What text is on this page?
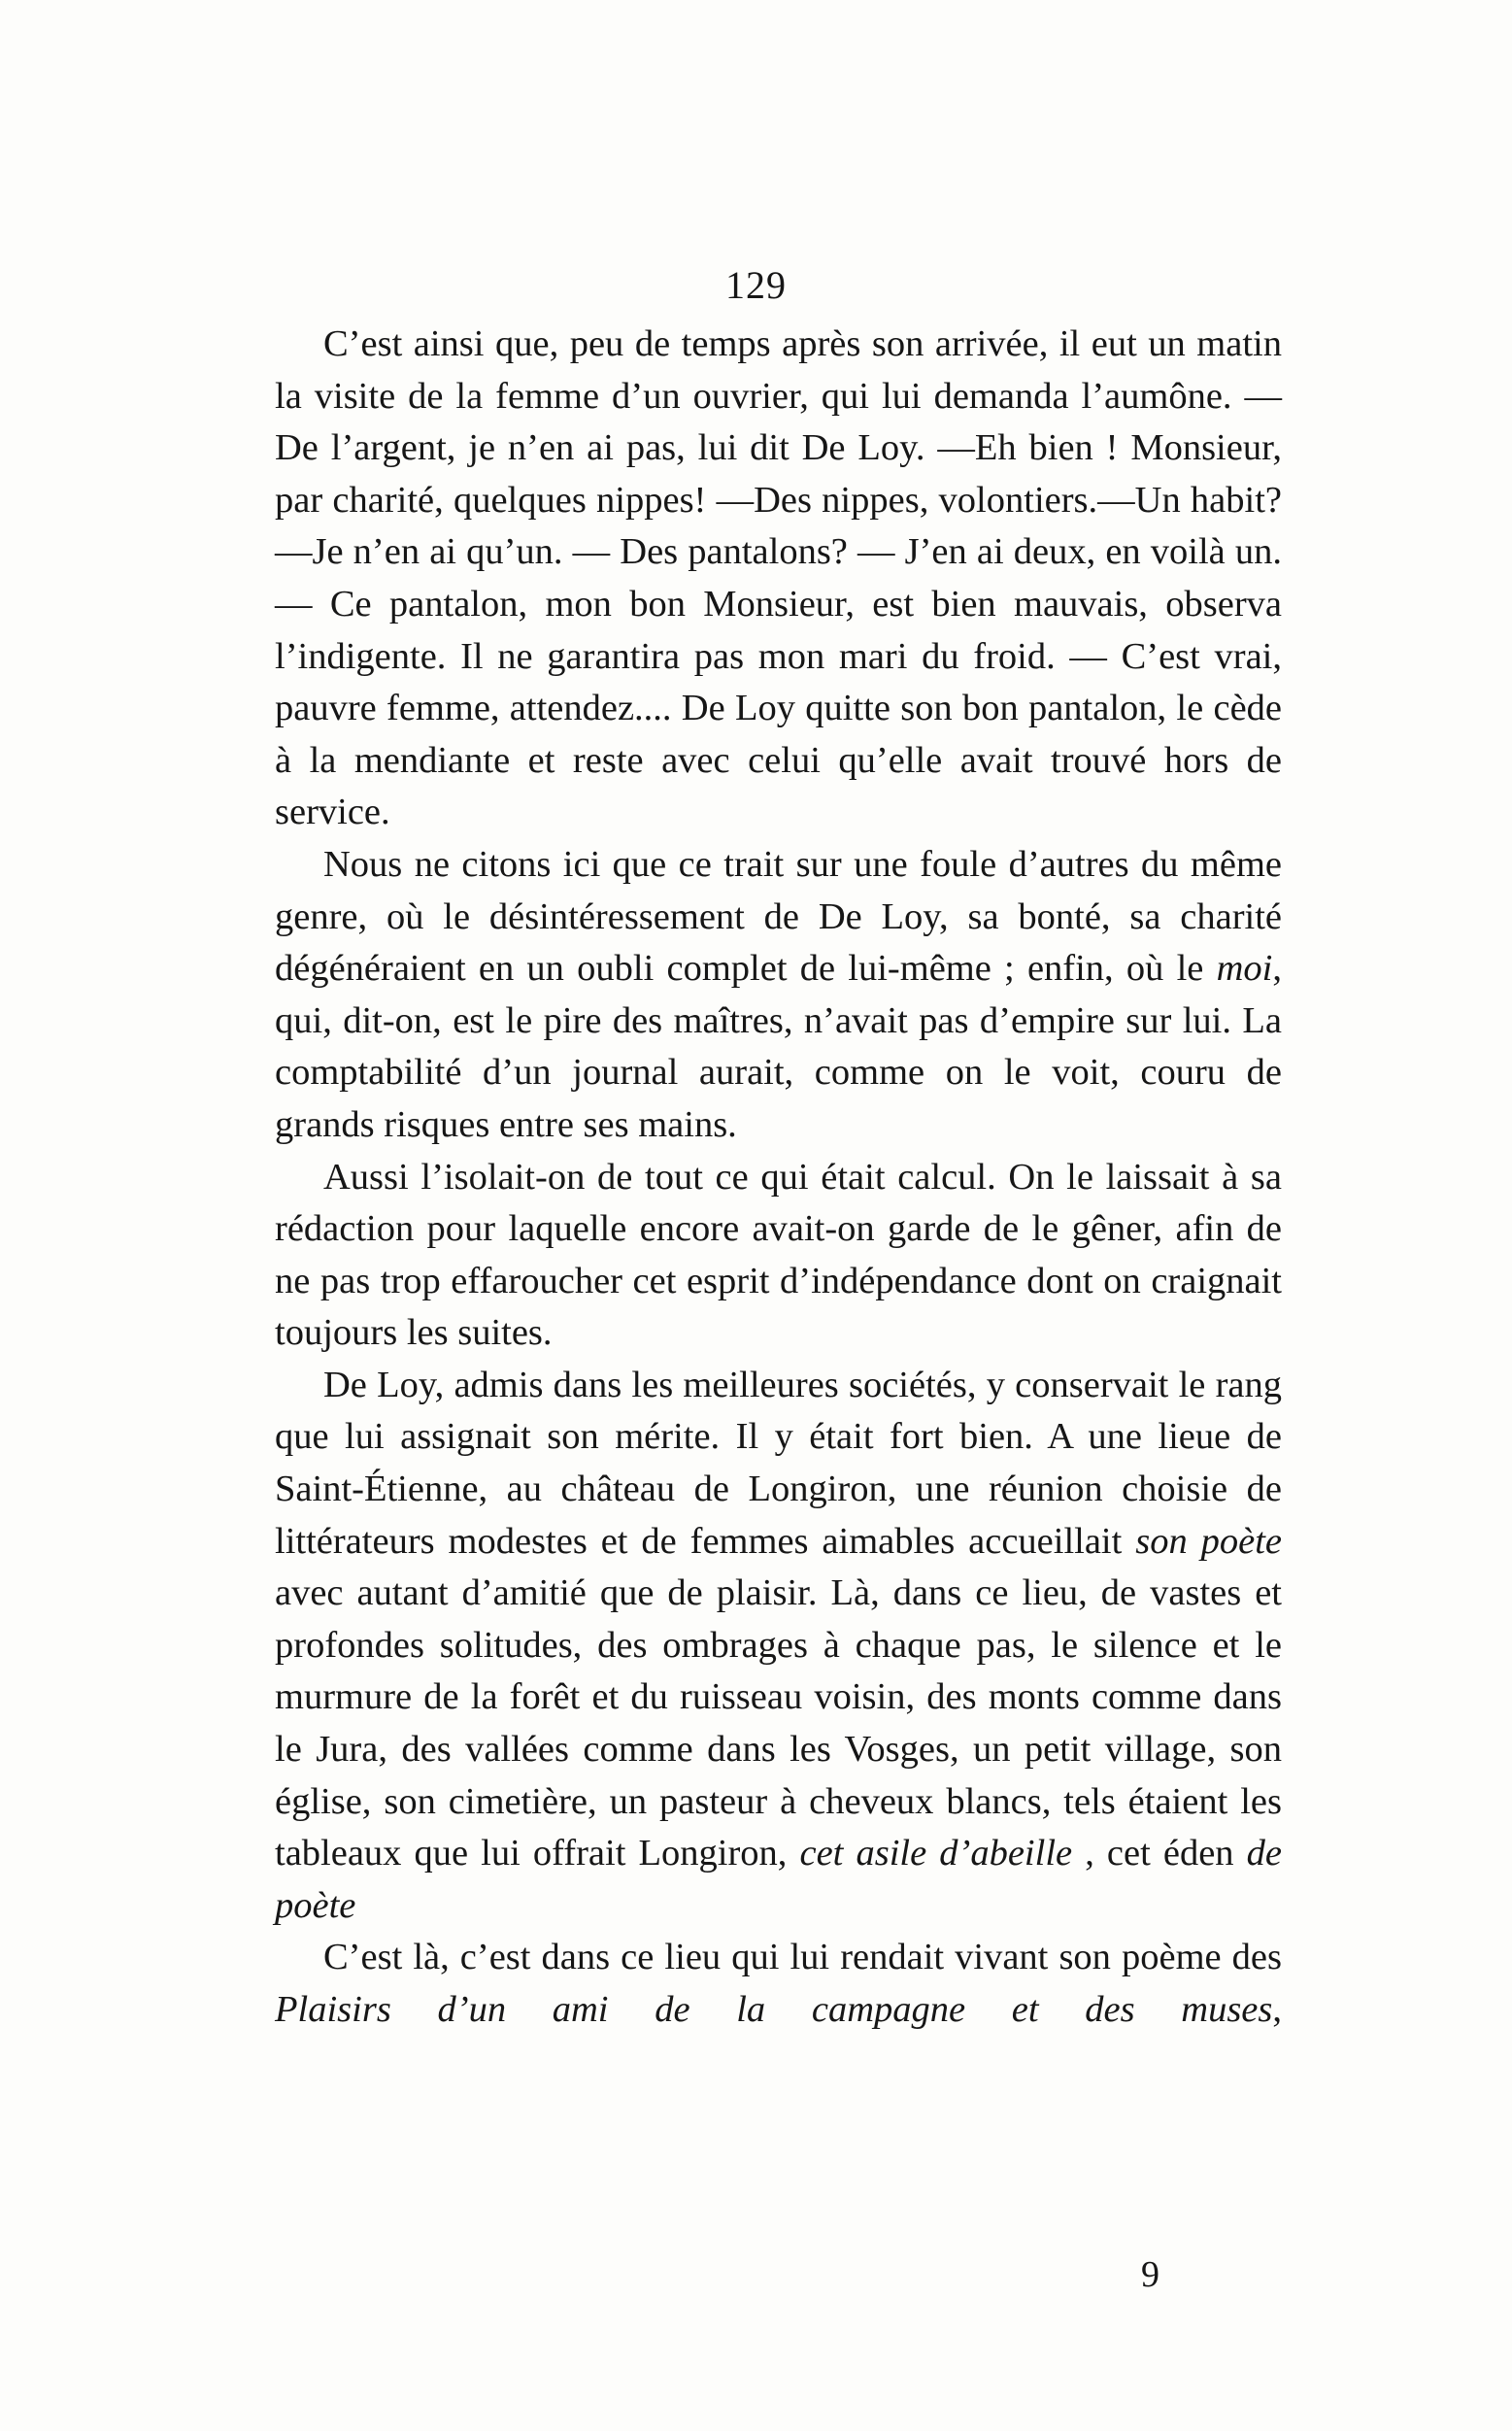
129

C’est ainsi que, peu de temps après son arrivée, il eut un matin la visite de la femme d’un ouvrier, qui lui demanda l’aumône. —De l’argent, je n’en ai pas, lui dit De Loy. —Eh bien ! Monsieur, par charité, quelques nippes! —Des nippes, volontiers.—Un habit?—Je n’en ai qu’un. — Des pantalons? — J’en ai deux, en voilà un. — Ce pantalon, mon bon Monsieur, est bien mauvais, observa l’indigente. Il ne garantira pas mon mari du froid. — C’est vrai, pauvre femme, attendez.... De Loy quitte son bon pantalon, le cède à la mendiante et reste avec celui qu’elle avait trouvé hors de service.

Nous ne citons ici que ce trait sur une foule d’autres du même genre, où le désintéressement de De Loy, sa bonté, sa charité dégénéraient en un oubli complet de lui-même ; enfin, où le moi, qui, dit-on, est le pire des maîtres, n’avait pas d’empire sur lui. La comptabilité d’un journal aurait, comme on le voit, couru de grands risques entre ses mains.

Aussi l’isolait-on de tout ce qui était calcul. On le laissait à sa rédaction pour laquelle encore avait-on garde de le gêner, afin de ne pas trop effaroucher cet esprit d’indépendance dont on craignait toujours les suites.

De Loy, admis dans les meilleures sociétés, y conservait le rang que lui assignait son mérite. Il y était fort bien. A une lieue de Saint-Étienne, au château de Longiron, une réunion choisie de littérateurs modestes et de femmes aimables accueillait son poète avec autant d’amitié que de plaisir. Là, dans ce lieu, de vastes et profondes solitudes, des ombrages à chaque pas, le silence et le murmure de la forêt et du ruisseau voisin, des monts comme dans le Jura, des vallées comme dans les Vosges, un petit village, son église, son cimetière, un pasteur à cheveux blancs, tels étaient les tableaux que lui offrait Longiron, cet asile d’abeille , cet éden de poète

C’est là, c’est dans ce lieu qui lui rendait vivant son poème des Plaisirs d’un ami de la campagne et des muses,

9
